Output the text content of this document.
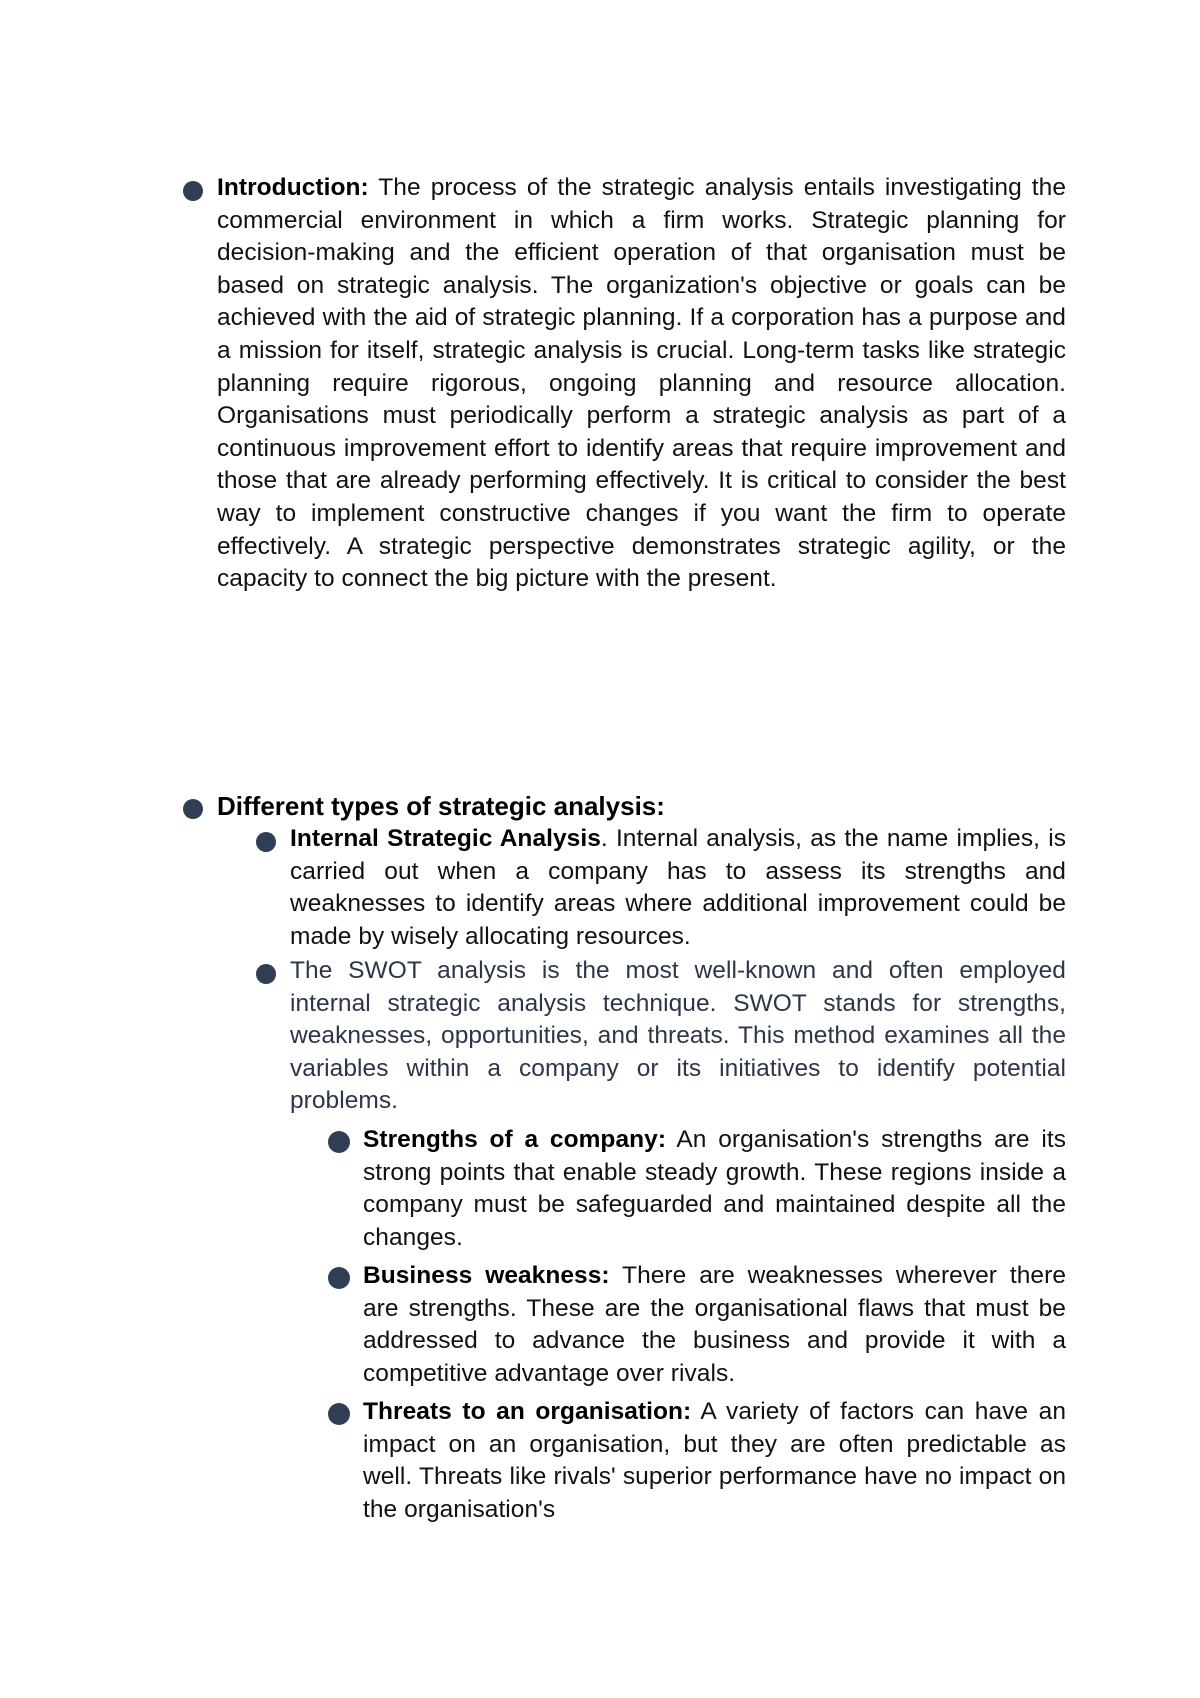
Introduction: The process of the strategic analysis entails investigating the commercial environment in which a firm works. Strategic planning for decision-making and the efficient operation of that organisation must be based on strategic analysis. The organization's objective or goals can be achieved with the aid of strategic planning. If a corporation has a purpose and a mission for itself, strategic analysis is crucial. Long-term tasks like strategic planning require rigorous, ongoing planning and resource allocation. Organisations must periodically perform a strategic analysis as part of a continuous improvement effort to identify areas that require improvement and those that are already performing effectively. It is critical to consider the best way to implement constructive changes if you want the firm to operate effectively. A strategic perspective demonstrates strategic agility, or the capacity to connect the big picture with the present.
Different types of strategic analysis:
Internal Strategic Analysis. Internal analysis, as the name implies, is carried out when a company has to assess its strengths and weaknesses to identify areas where additional improvement could be made by wisely allocating resources.
The SWOT analysis is the most well-known and often employed internal strategic analysis technique. SWOT stands for strengths, weaknesses, opportunities, and threats. This method examines all the variables within a company or its initiatives to identify potential problems.
Strengths of a company: An organisation's strengths are its strong points that enable steady growth. These regions inside a company must be safeguarded and maintained despite all the changes.
Business weakness: There are weaknesses wherever there are strengths. These are the organisational flaws that must be addressed to advance the business and provide it with a competitive advantage over rivals.
Threats to an organisation: A variety of factors can have an impact on an organisation, but they are often predictable as well. Threats like rivals' superior performance have no impact on the organisation's
